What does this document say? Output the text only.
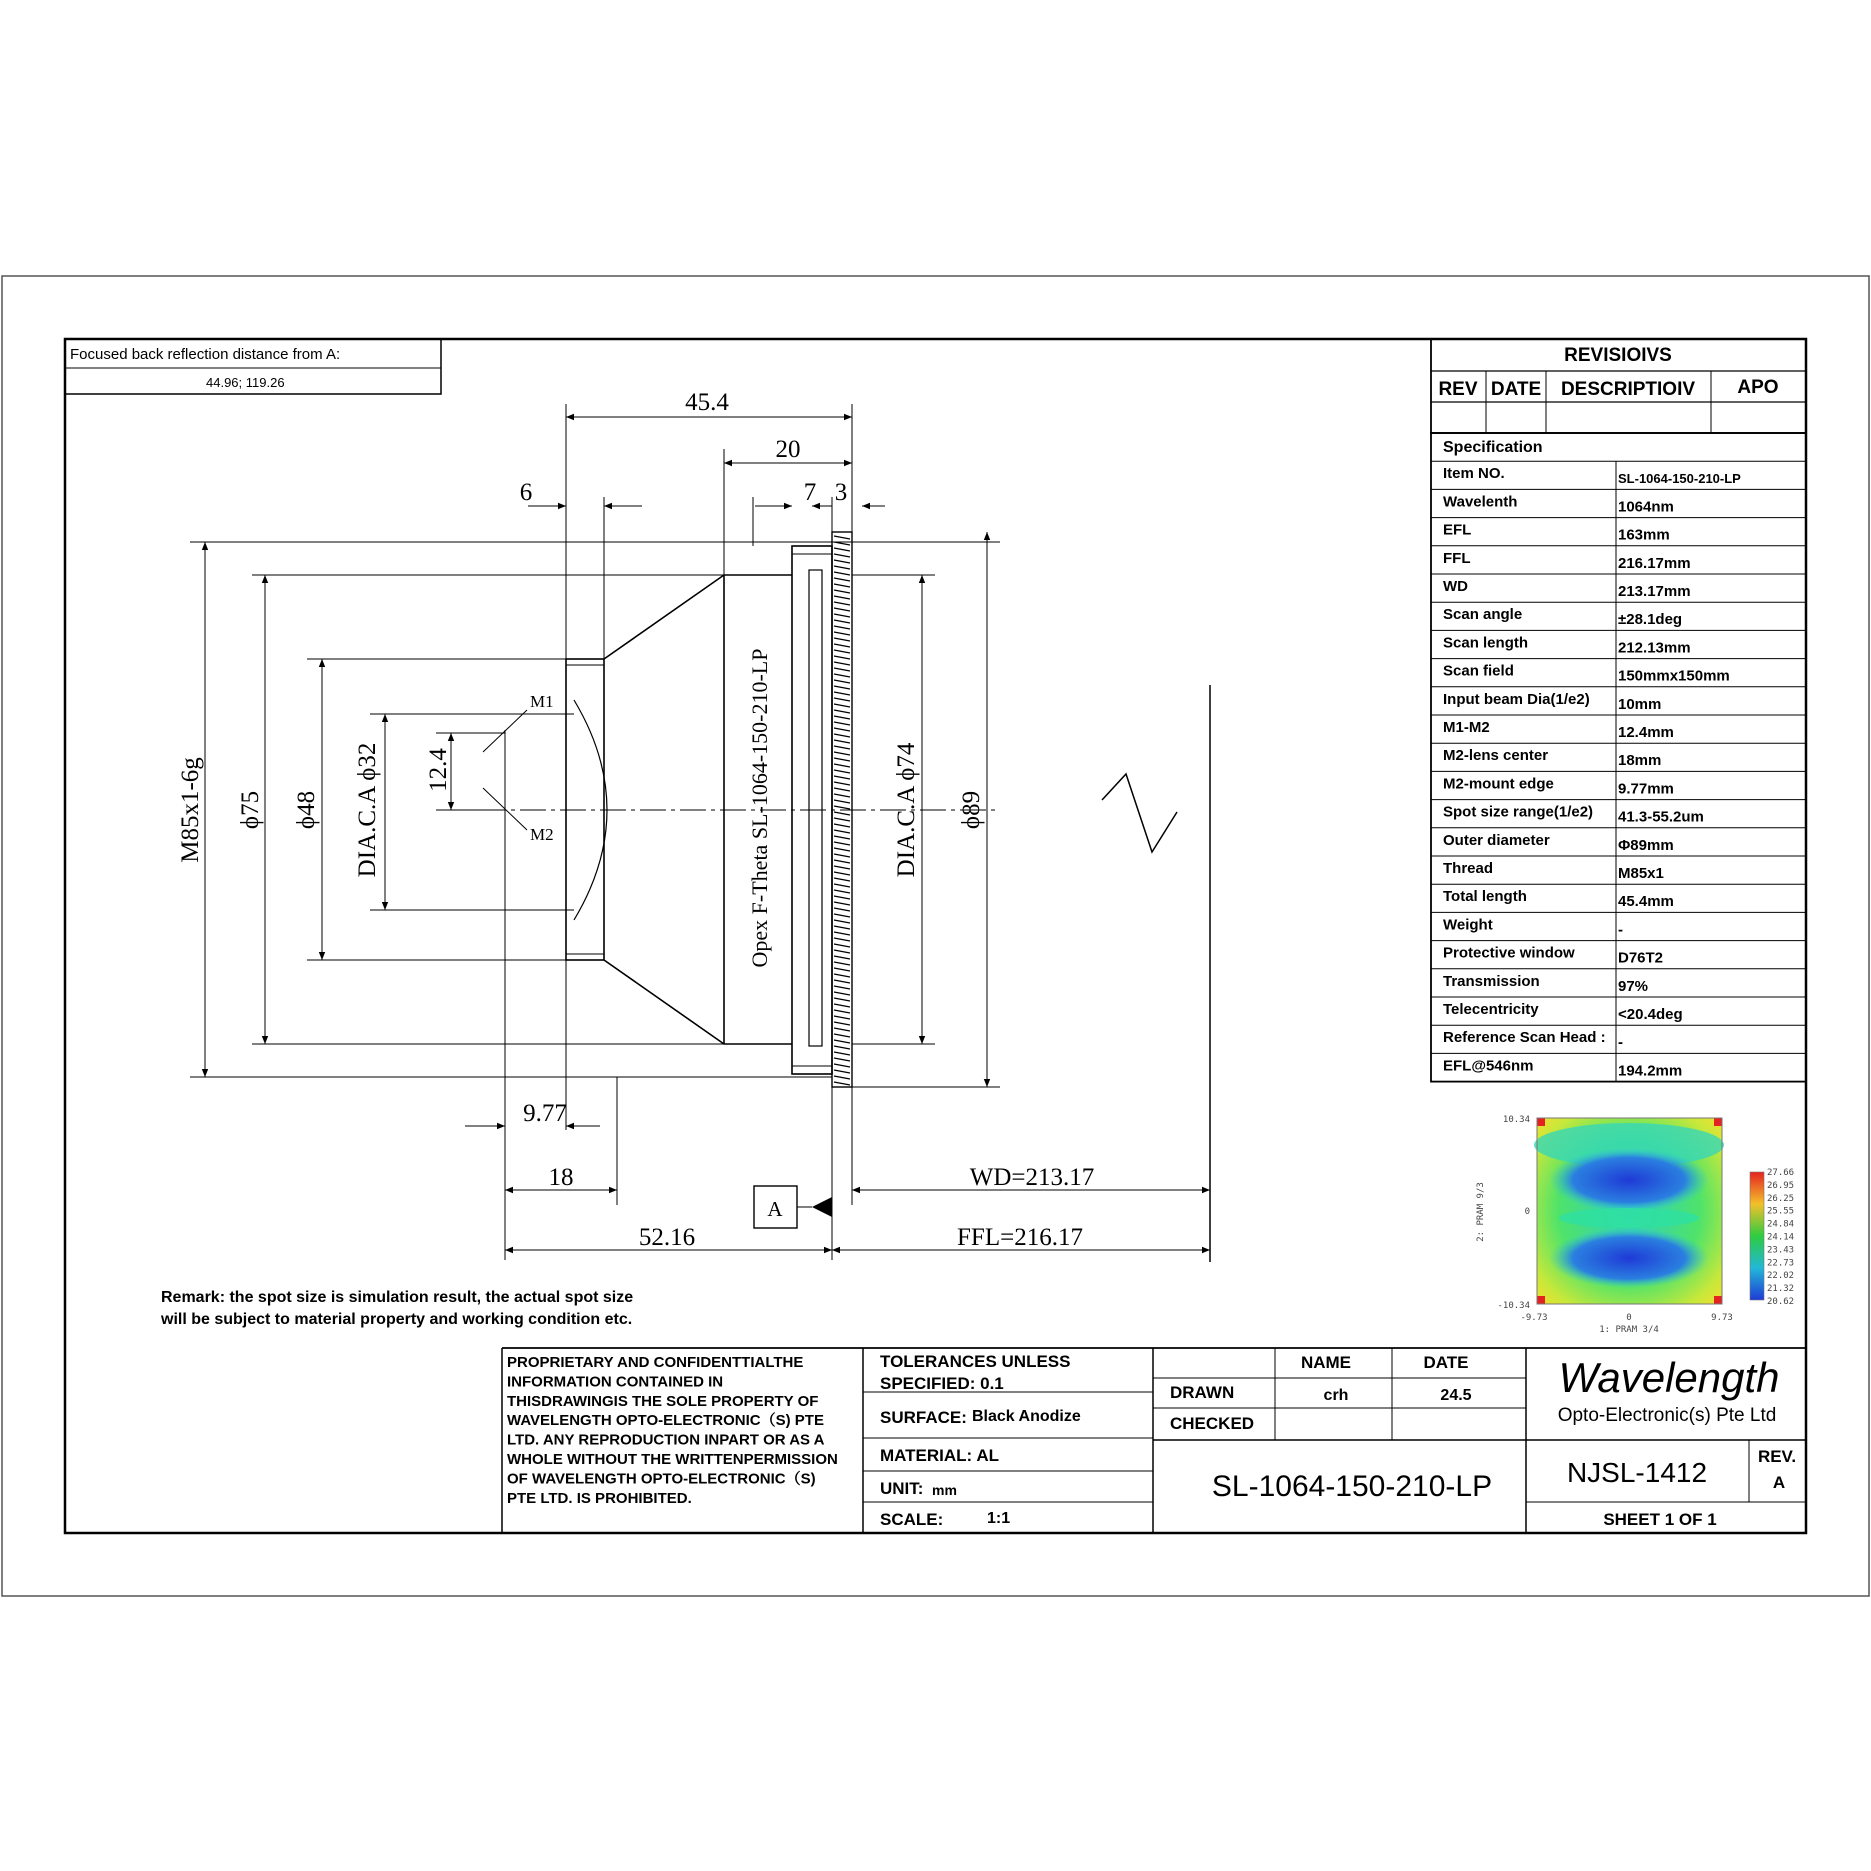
Focused back reflection distance from A:
44.96; 119.26
M1
M2
A
45.4
20
6	7 3
9.77
18	WD=213.17
52.16	FFL=216.17
M85x1-6g ϕ75 ϕ48 DIA.C.A ϕ32 12.4	DIA.C.A ϕ74 ϕ89
Opex F-Theta SL-1064-150-210-LP
Remark: the spot size is simulation result, the actual spot size
will be subject to material property and working condition etc.
REVISIOIVS
REV DATE DESCRIPTIOIV APO
Specification
Item NO.	SL-1064-150-210-LP
Wavelenth	1064nm
EFL	163mm
FFL	216.17mm
WD	213.17mm
Scan angle	±28.1deg
Scan length	212.13mm
Scan field	150mmx150mm
Input beam Dia(1/e2) 10mm
M1-M2	12.4mm
M2-lens center	18mm
M2-mount edge	9.77mm
Spot size range(1/e2) 41.3-55.2um
Outer diameter	Φ89mm
Thread	M85x1
Total length	45.4mm
Weight	-
Protective window	D76T2
Transmission	97%
Telecentricity	<20.4deg
Reference Scan Head : -
EFL@546nm	194.2mm
10.34
0
-10.34
-9.73	0	9.73
1: PRAM 3/4
2: PRAM 9/3
27.66
26.95
26.25
25.55
24.84
24.14
23.43
22.73
22.02
21.32
20.62
PROPRIETARY AND CONFIDENTTIALTHE
INFORMATION CONTAINED IN
THISDRAWINGIS THE SOLE PROPERTY OF
WAVELENGTH OPTO-ELECTRONIC（S) PTE
LTD. ANY REPRODUCTION INPART OR AS A
WHOLE WITHOUT THE WRITTENPERMISSION
OF WAVELENGTH OPTO-ELECTRONIC（S)
PTE LTD. IS PROHIBITED.
TOLERANCES UNLESS
SPECIFIED: 0.1
SURFACE: Black Anodize
MATERIAL: AL
UNIT: mm
SCALE:	1:1
NAME	DATE
DRAWN	crh	24.5
CHECKED
SL-1064-150-210-LP
Wavelength
Opto-Electronic(s) Pte Ltd
NJSL-1412
REV.
A
SHEET 1 OF 1
